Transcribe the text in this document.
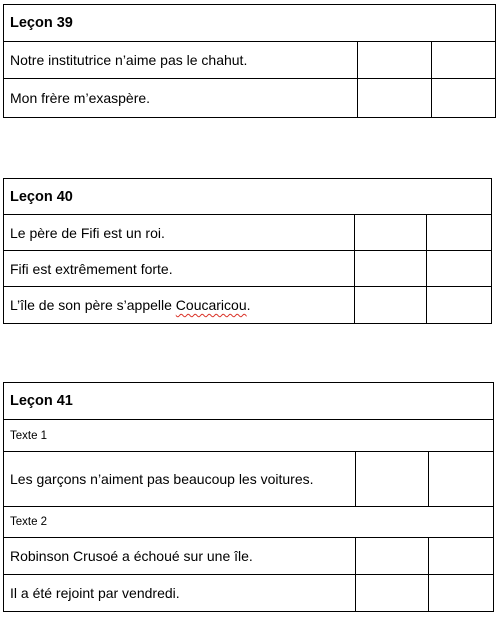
Leçon 39		
Notre institutrice n’aime pas le chahut.		
Mon frère m’exaspère.		
Leçon 40		
Le père de Fifi est un roi.		
Fifi est extrêmement forte.		
L’île de son père s’appelle Coucaricou.		
Leçon 41		
Texte 1		
Les garçons n’aiment pas beaucoup les voitures.		
Texte 2		
Robinson Crusoé a échoué sur une île.		
Il a été rejoint par vendredi.		
